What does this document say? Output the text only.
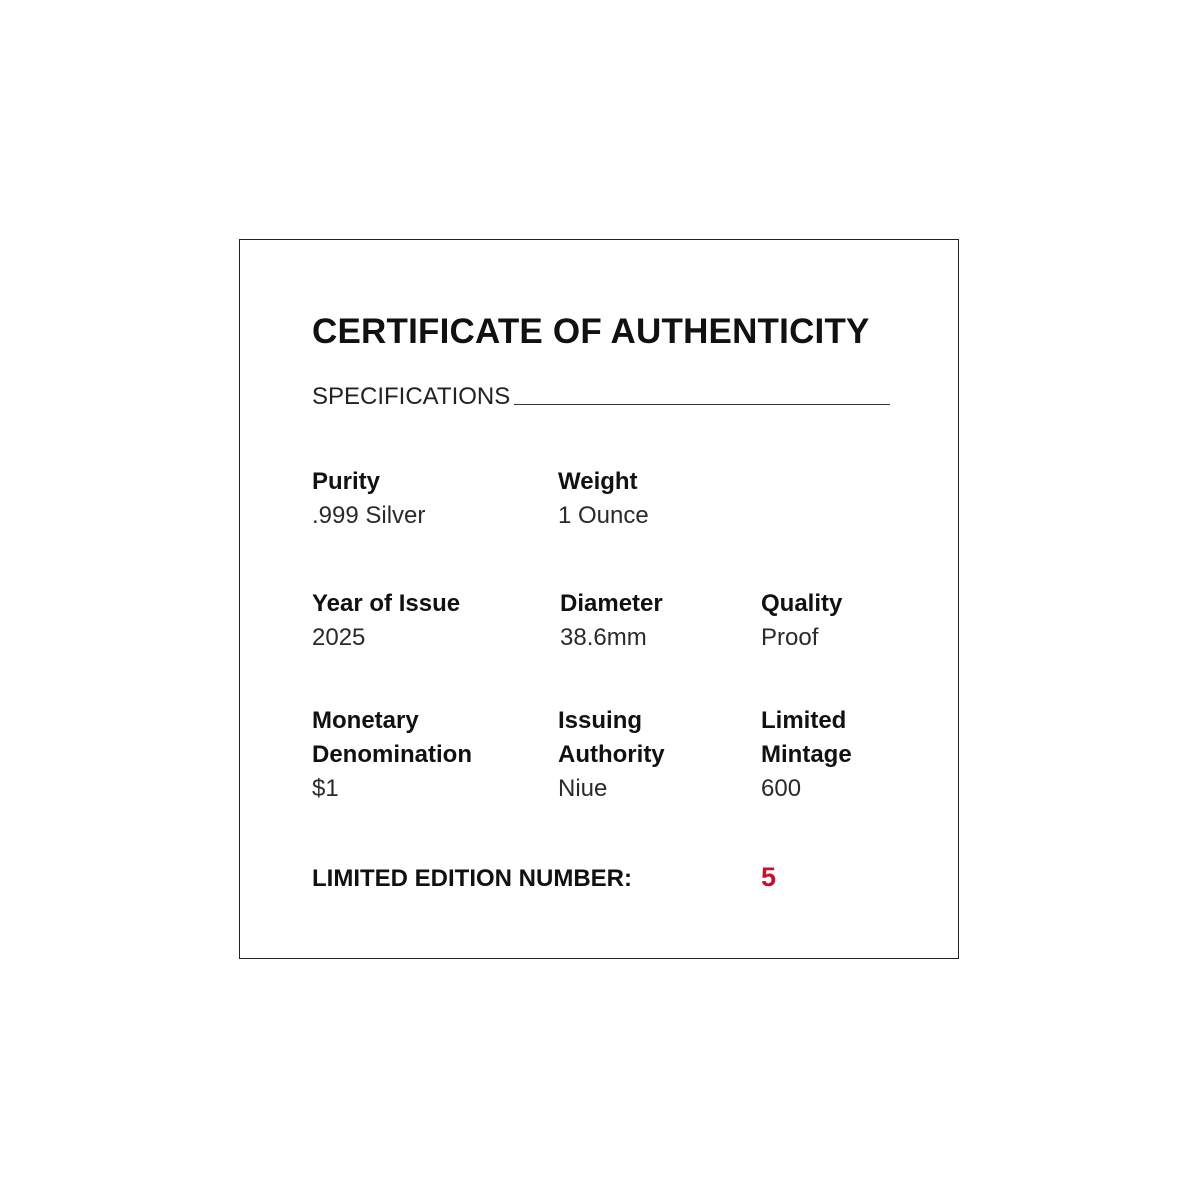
CERTIFICATE OF AUTHENTICITY
SPECIFICATIONS
Purity
.999 Silver
Weight
1 Ounce
Year of Issue
2025
Diameter
38.6mm
Quality
Proof
Monetary
Denomination
$1
Issuing
Authority
Niue
Limited
Mintage
600
LIMITED EDITION NUMBER:	5
